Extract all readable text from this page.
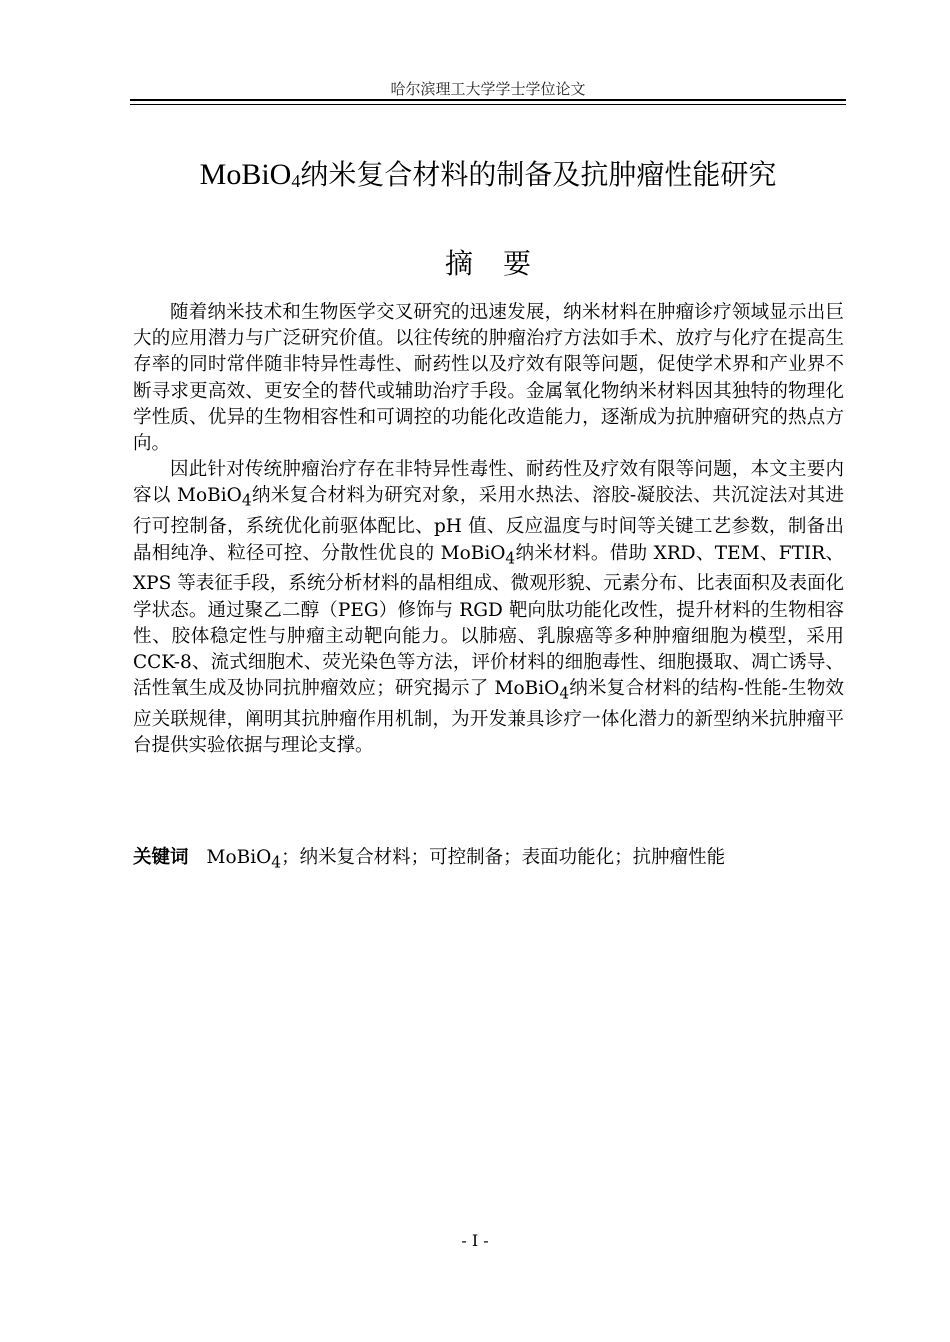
哈尔滨理工大学学士学位论文
MoBiO$_4$纳米复合材料的制备及抗肿瘤性能研究
摘要

随着纳米技术和生物医学交叉研究的迅速发展，纳米材料在肿瘤诊疗领域显示出巨大的应用潜力与广泛研究价值。以往传统的肿瘤治疗方法如手术、放疗与化疗在提高生存率的同时常伴随非特异性毒性、耐药性以及疗效有限等问题，促使学术界和产业界不断寻求更高效、更安全的替代或辅助治疗手段。金属氧化物纳米材料因其独特的物理化学性质、优异的生物相容性和可调控的功能化改造能力，逐渐成为抗肿瘤研究的热点方向。

因此针对传统肿瘤治疗存在非特异性毒性、耐药性及疗效有限等问题，本文主要内容以 MoBiO$_4$纳米复合材料为研究对象，采用水热法、溶胶-凝胶法、共沉淀法对其进行可控制备，系统优化前驱体配比、pH 值、反应温度与时间等关键工艺参数，制备出晶相纯净、粒径可控、分散性优良的 MoBiO$_4$纳米材料。借助 XRD、TEM、FTIR、XPS 等表征手段，系统分析材料的晶相组成、微观形貌、元素分布、比表面积及表面化学状态。通过聚乙二醇（PEG）修饰与 RGD 靶向肽功能化改性，提升材料的生物相容性、胶体稳定性与肿瘤主动靶向能力。以肺癌、乳腺癌等多种肿瘤细胞为模型，采用 CCK-8、流式细胞术、荧光染色等方法，评价材料的细胞毒性、细胞摄取、凋亡诱导、活性氧生成及协同抗肿瘤效应；研究揭示了 MoBiO$_4$纳米复合材料的结构-性能-生物效应关联规律，阐明其抗肿瘤作用机制，为开发兼具诊疗一体化潜力的新型纳米抗肿瘤平台提供实验依据与理论支撑。

关键词 MoBiO$_4$；纳米复合材料；可控制备；表面功能化；抗肿瘤性能
- I -
